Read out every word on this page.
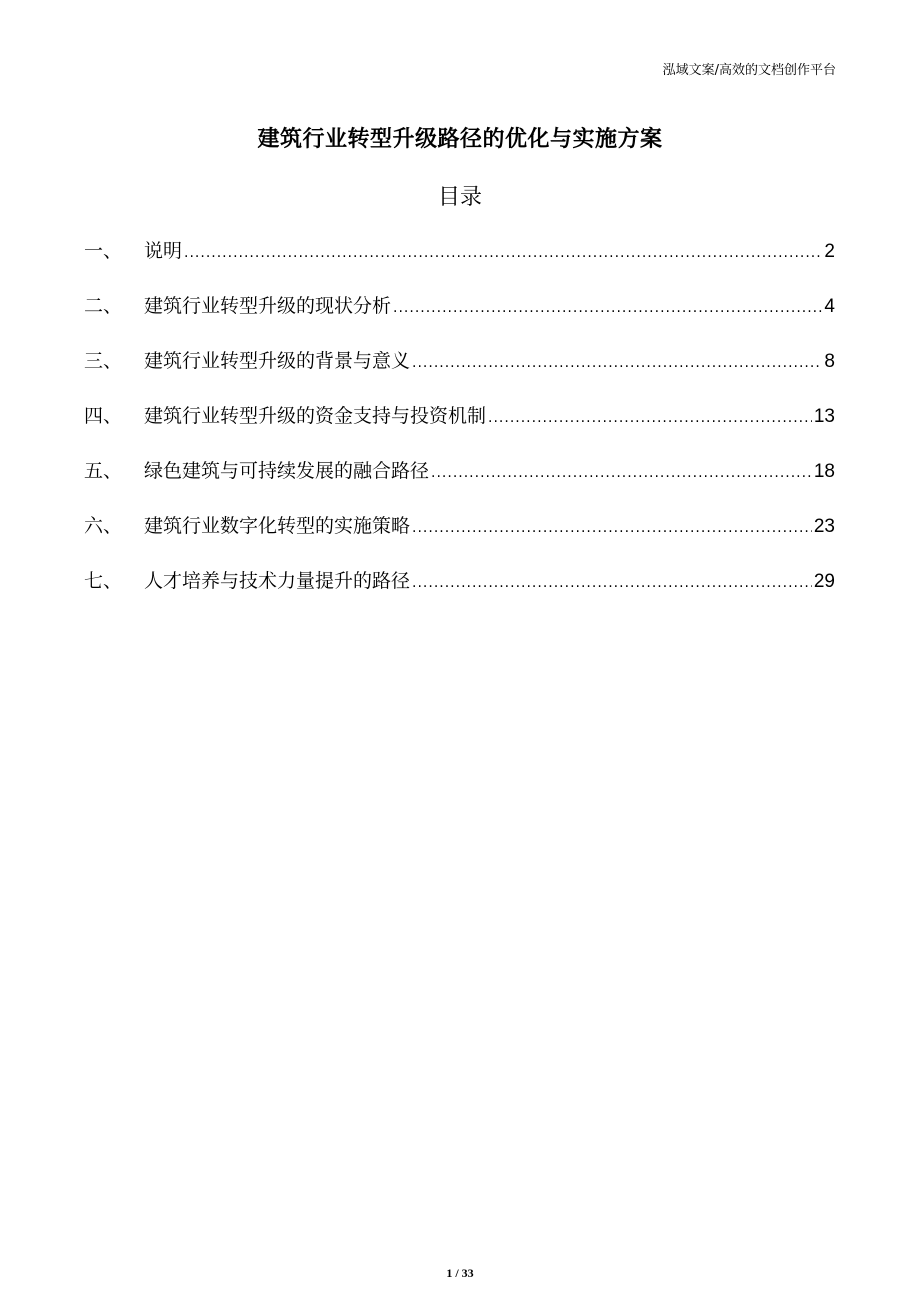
泓域文案/高效的文档创作平台
建筑行业转型升级路径的优化与实施方案
目录
一、	说明 .....	2
二、	建筑行业转型升级的现状分析 .....	4
三、	建筑行业转型升级的背景与意义 .....	8
四、	建筑行业转型升级的资金支持与投资机制 .....	13
五、	绿色建筑与可持续发展的融合路径 .....	18
六、	建筑行业数字化转型的实施策略 .....	23
七、	人才培养与技术力量提升的路径 .....	29
1 / 33
